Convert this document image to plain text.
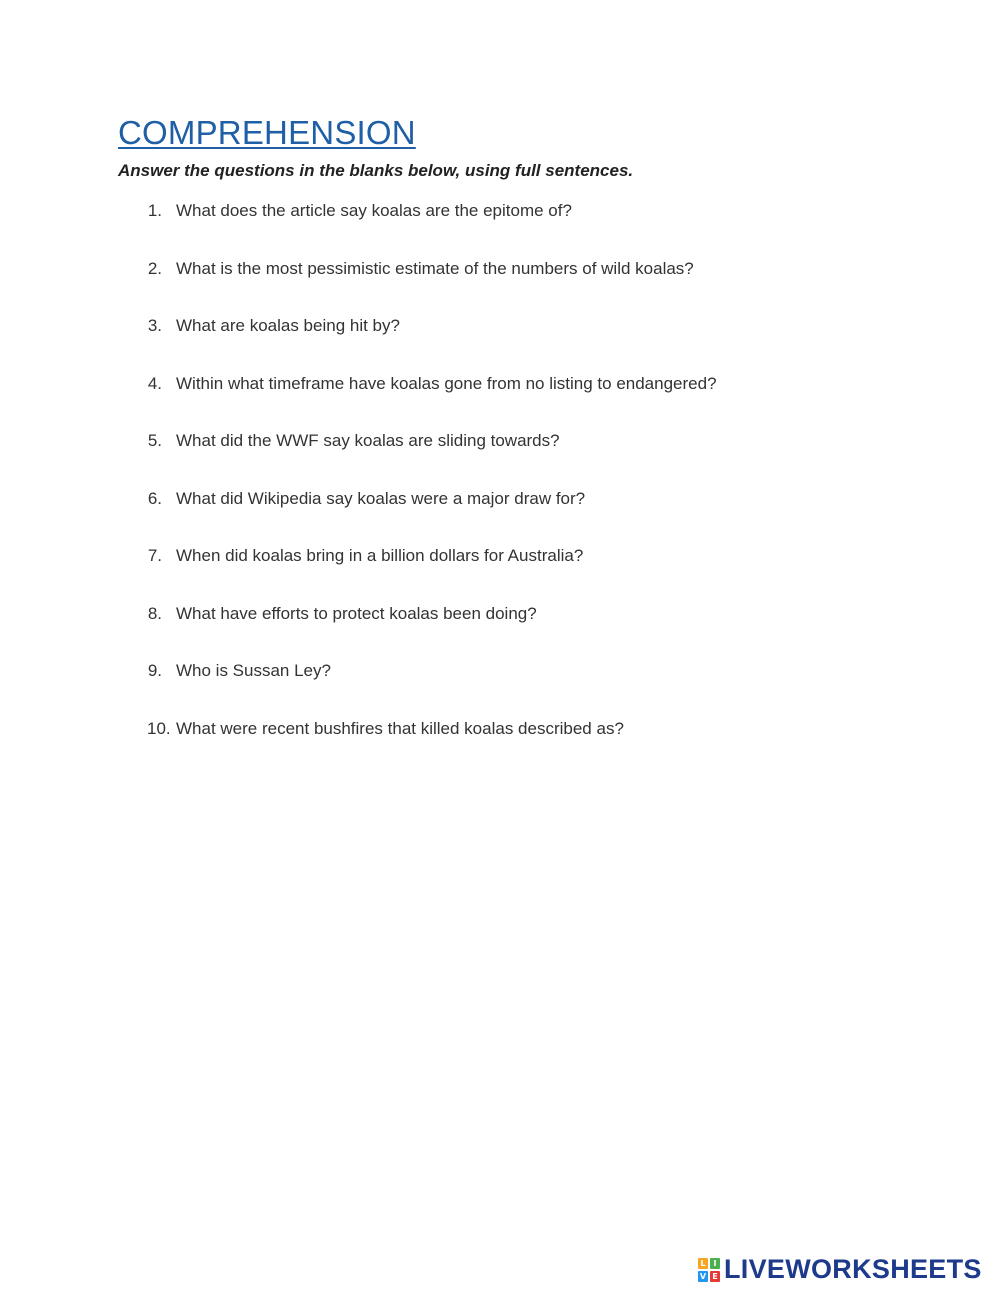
COMPREHENSION

Answer the questions in the blanks below, using full sentences.

1. What does the article say koalas are the epitome of?
2. What is the most pessimistic estimate of the numbers of wild koalas?
3. What are koalas being hit by?
4. Within what timeframe have koalas gone from no listing to endangered?
5. What did the WWF say koalas are sliding towards?
6. What did Wikipedia say koalas were a major draw for?
7. When did koalas bring in a billion dollars for Australia?
8. What have efforts to protect koalas been doing?
9. Who is Sussan Ley?
10. What were recent bushfires that killed koalas described as?
L I
V E LIVEWORKSHEETS
